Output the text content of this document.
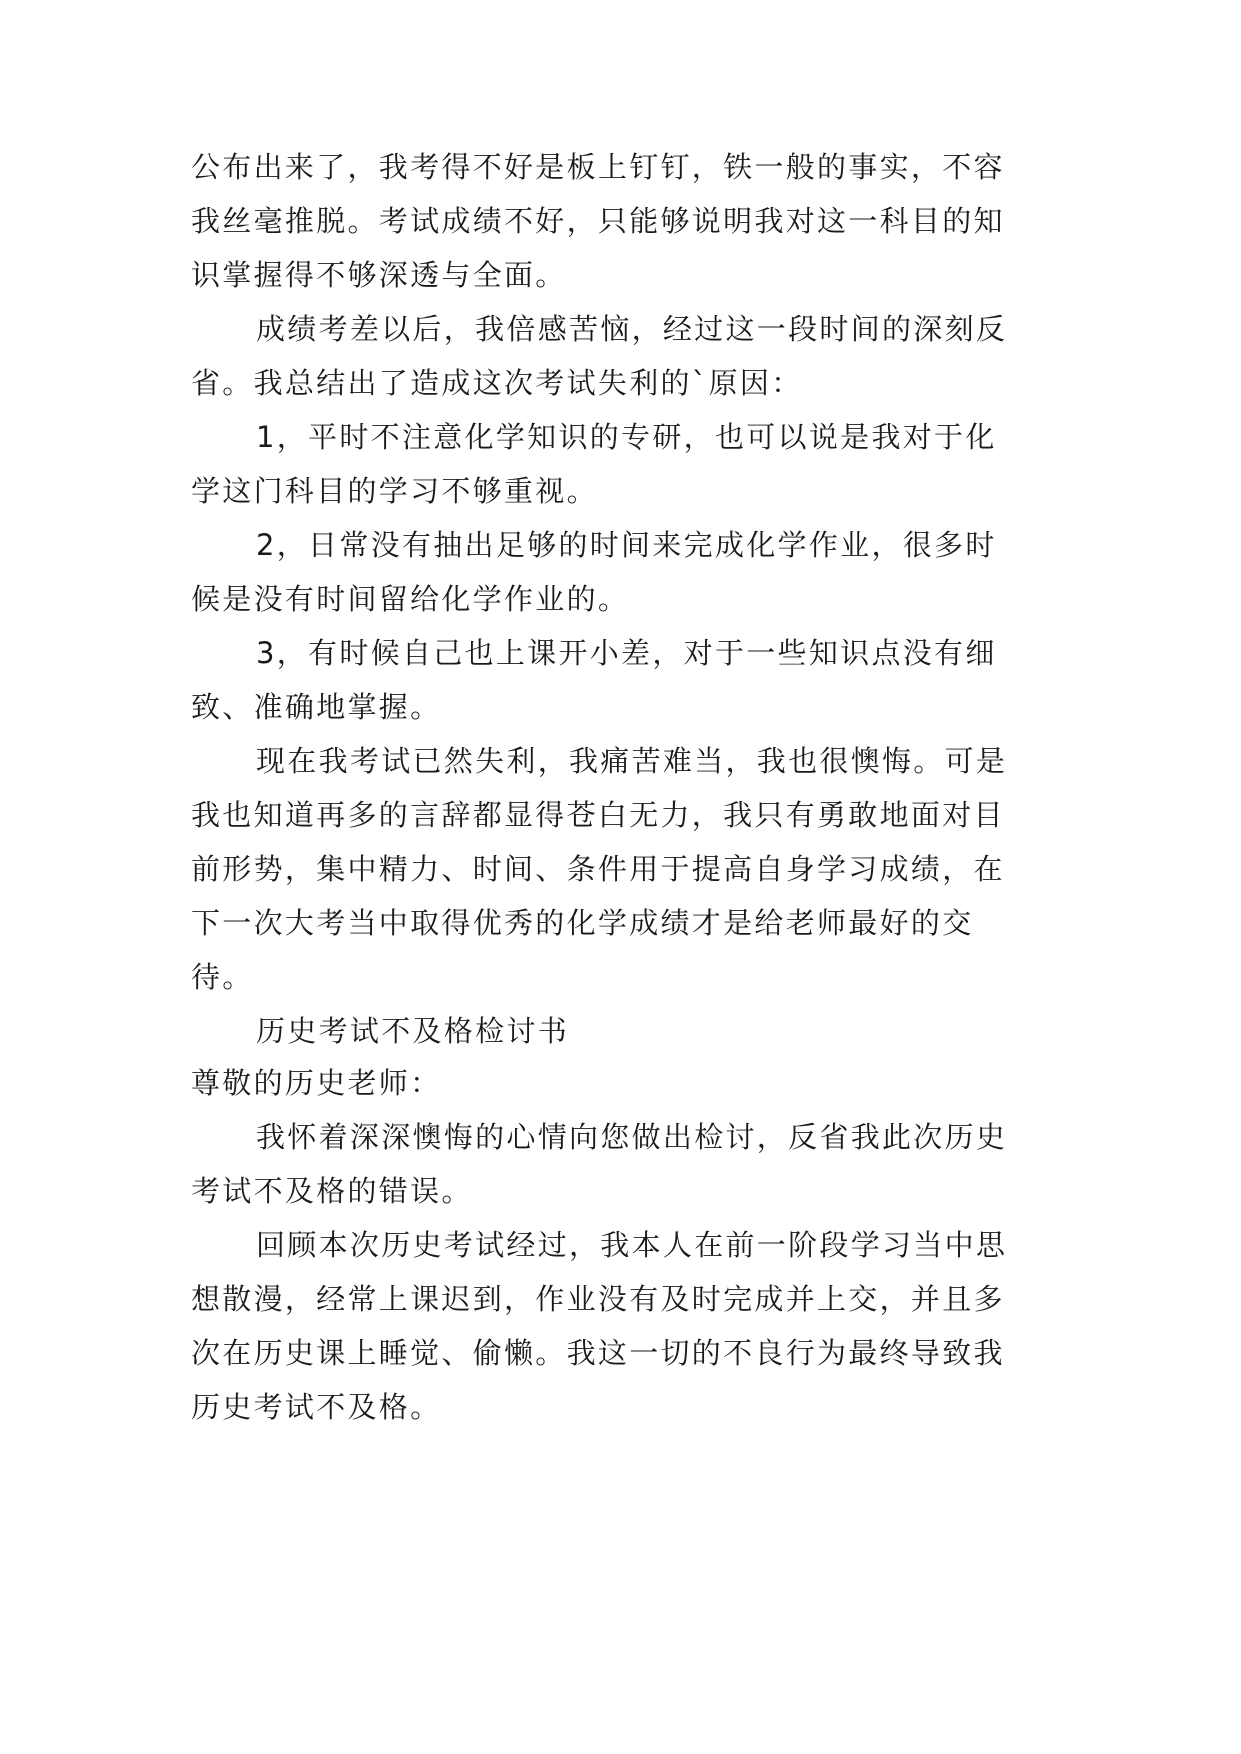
公布出来了，我考得不好是板上钉钉，铁一般的事实，不容
我丝毫推脱。考试成绩不好，只能够说明我对这一科目的知
识掌握得不够深透与全面。
成绩考差以后，我倍感苦恼，经过这一段时间的深刻反
省。我总结出了造成这次考试失利的`原因：
1，平时不注意化学知识的专研，也可以说是我对于化
学这门科目的学习不够重视。
2，日常没有抽出足够的时间来完成化学作业，很多时
候是没有时间留给化学作业的。
3，有时候自己也上课开小差，对于一些知识点没有细
致、准确地掌握。
现在我考试已然失利，我痛苦难当，我也很懊悔。可是
我也知道再多的言辞都显得苍白无力，我只有勇敢地面对目
前形势，集中精力、时间、条件用于提高自身学习成绩，在
下一次大考当中取得优秀的化学成绩才是给老师最好的交
待。
历史考试不及格检讨书
尊敬的历史老师：
我怀着深深懊悔的心情向您做出检讨，反省我此次历史
考试不及格的错误。
回顾本次历史考试经过，我本人在前一阶段学习当中思
想散漫，经常上课迟到，作业没有及时完成并上交，并且多
次在历史课上睡觉、偷懒。我这一切的不良行为最终导致我
历史考试不及格。
